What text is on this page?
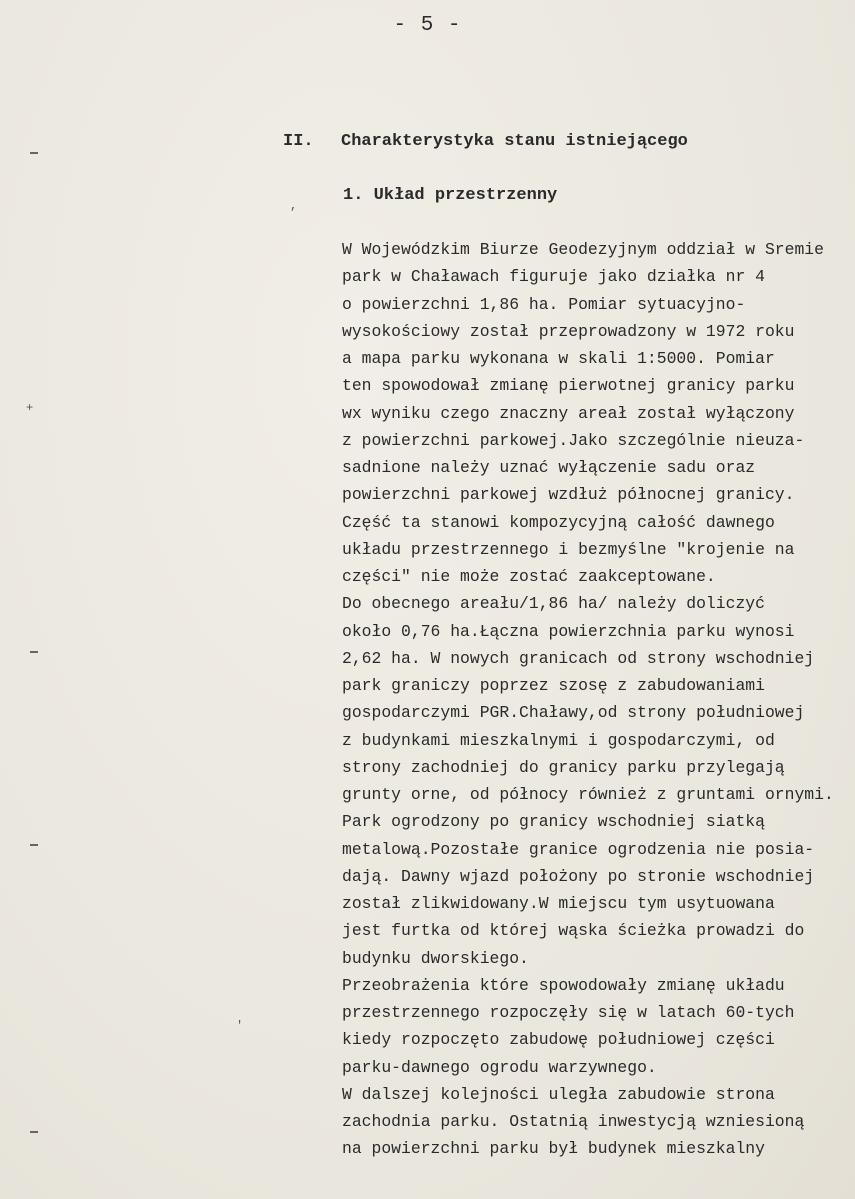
+
,
'
- 5 -
II. Charakterystyka stanu istniejącego
1. Układ przestrzenny
W Wojewódzkim Biurze Geodezyjnym oddział w Sremie
park w Chaławach figuruje jako działka nr 4
o powierzchni 1,86 ha. Pomiar sytuacyjno-
wysokościowy został przeprowadzony w 1972 roku
a mapa parku wykonana w skali 1:5000. Pomiar
ten spowodował zmianę pierwotnej granicy parku
wx wyniku czego znaczny areał został wyłączony
z powierzchni parkowej.Jako szczególnie nieuza-
sadnione należy uznać wyłączenie sadu oraz
powierzchni parkowej wzdłuż północnej granicy.
Część ta stanowi kompozycyjną całość dawnego
układu przestrzennego i bezmyślne "krojenie na
części" nie może zostać zaakceptowane.
Do obecnego areału/1,86 ha/ należy doliczyć
około 0,76 ha.Łączna powierzchnia parku wynosi
2,62 ha. W nowych granicach od strony wschodniej
park graniczy poprzez szosę z zabudowaniami
gospodarczymi PGR.Chaławy,od strony południowej
z budynkami mieszkalnymi i gospodarczymi, od
strony zachodniej do granicy parku przylegają
grunty orne, od północy również z gruntami ornymi.
Park ogrodzony po granicy wschodniej siatką
metalową.Pozostałe granice ogrodzenia nie posia-
dają. Dawny wjazd położony po stronie wschodniej
został zlikwidowany.W miejscu tym usytuowana
jest furtka od której wąska ścieżka prowadzi do
budynku dworskiego.
Przeobrażenia które spowodowały zmianę układu
przestrzennego rozpoczęły się w latach 60-tych
kiedy rozpoczęto zabudowę południowej części
parku-dawnego ogrodu warzywnego.
W dalszej kolejności uległa zabudowie strona
zachodnia parku. Ostatnią inwestycją wzniesioną
na powierzchni parku był budynek mieszkalny
